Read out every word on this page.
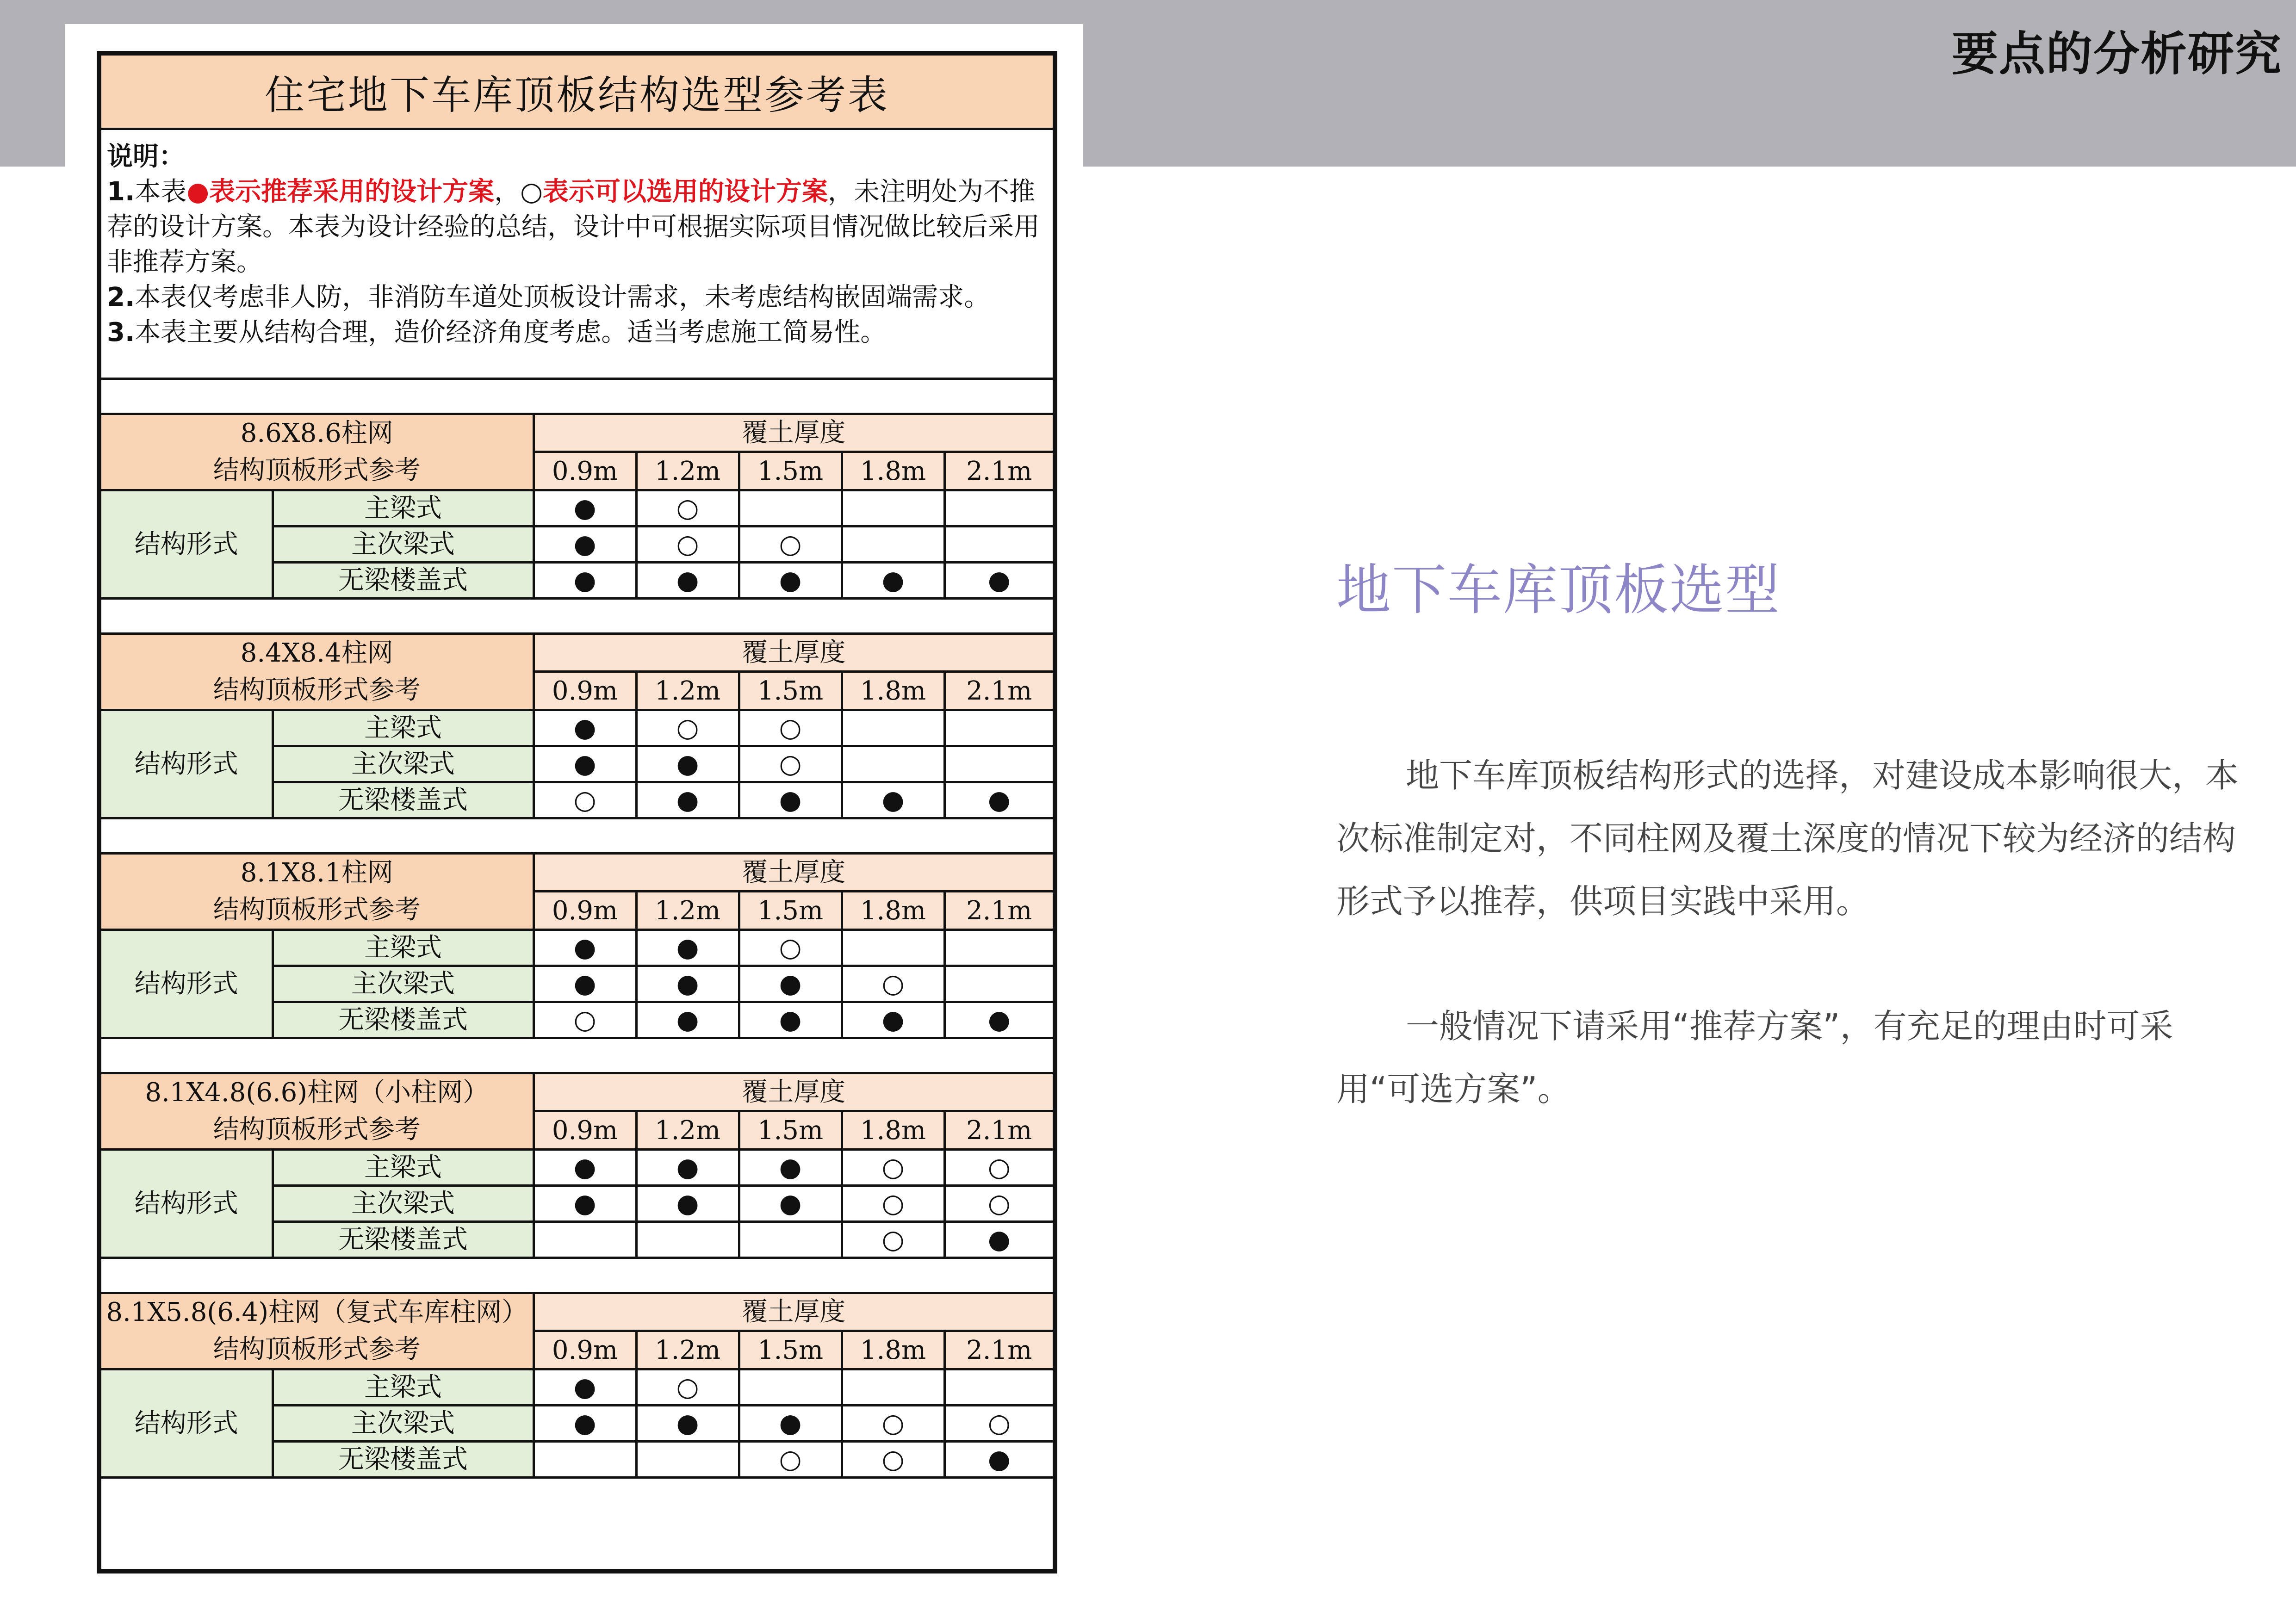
要点的分析研究
住宅地下车库顶板结构选型参考表
说明：
1.本表●表示推荐采用的设计方案，○表示可以选用的设计方案，未注明处为不推荐的设计方案。本表为设计经验的总结，设计中可根据实际项目情况做比较后采用非推荐方案。
2.本表仅考虑非人防，非消防车道处顶板设计需求，未考虑结构嵌固端需求。
3.本表主要从结构合理，造价经济角度考虑。适当考虑施工简易性。
8.6X8.6柱网
结构顶板形式参考		覆土厚度				
		0.9m	1.2m	1.5m	1.8m	2.1m
结构形式	主梁式	●	○			
	主次梁式	●	○	○		
	无梁楼盖式	●	●	●	●	●
8.4X8.4柱网
结构顶板形式参考		覆土厚度				
		0.9m	1.2m	1.5m	1.8m	2.1m
结构形式	主梁式	●	○	○		
	主次梁式	●	●	○		
	无梁楼盖式	○	●	●	●	●
8.1X8.1柱网
结构顶板形式参考		覆土厚度				
		0.9m	1.2m	1.5m	1.8m	2.1m
结构形式	主梁式	●	●	○		
	主次梁式	●	●	●	○	
	无梁楼盖式	○	●	●	●	●
8.1X4.8(6.6)柱网（小柱网）
结构顶板形式参考		覆土厚度				
		0.9m	1.2m	1.5m	1.8m	2.1m
结构形式	主梁式	●	●	●	○	○
	主次梁式	●	●	●	○	○
	无梁楼盖式				○	●
8.1X5.8(6.4)柱网（复式车库柱网）
结构顶板形式参考		覆土厚度				
		0.9m	1.2m	1.5m	1.8m	2.1m
结构形式	主梁式	●	○			
	主次梁式	●	●	●	○	○
	无梁楼盖式			○	○	●
地下车库顶板选型
地下车库顶板结构形式的选择，对建设成本影响很大，本次标准制定对，不同柱网及覆土深度的情况下较为经济的结构形式予以推荐，供项目实践中采用。
一般情况下请采用“推荐方案”，有充足的理由时可采用“可选方案”。
